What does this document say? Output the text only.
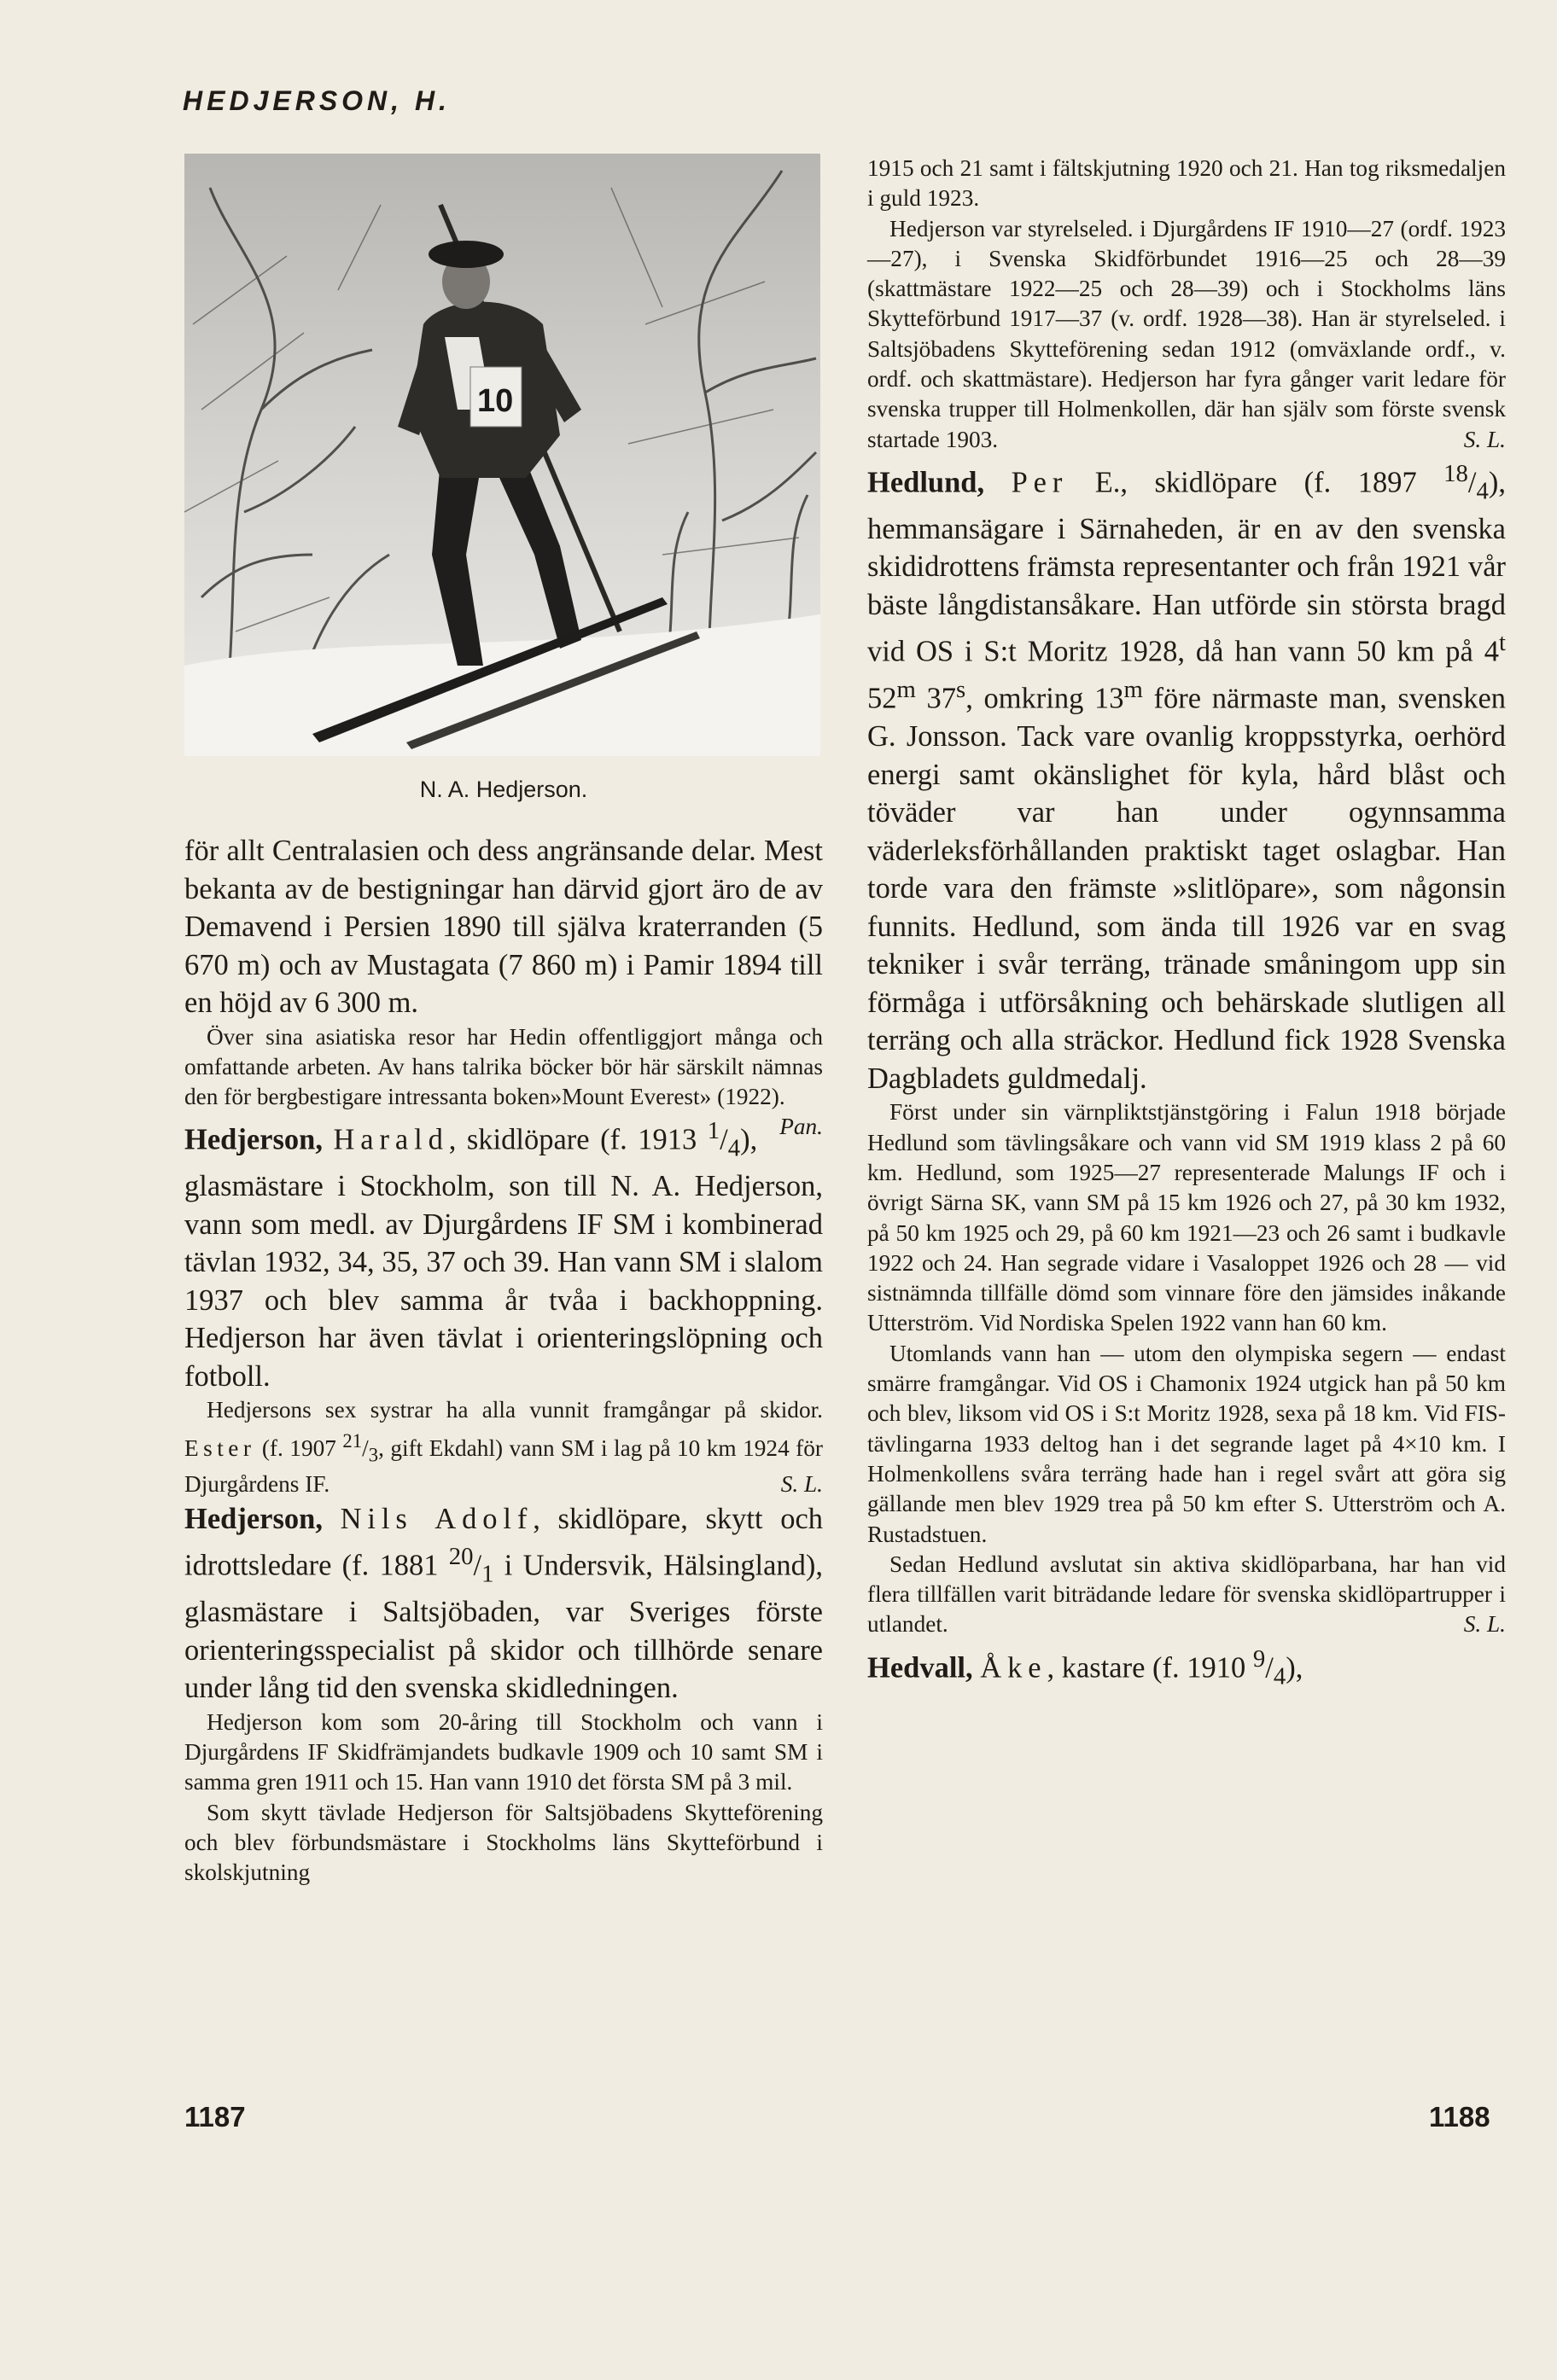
HEDJERSON, H.
10
N. A. Hedjerson.

för allt Centralasien och dess angränsande delar. Mest bekanta av de bestigningar han därvid gjort äro de av Demavend i Persien 1890 till själva kraterranden (5 670 m) och av Mustagata (7 860 m) i Pamir 1894 till en höjd av 6 300 m.

Över sina asiatiska resor har Hedin offentliggjort många och omfattande arbeten. Av hans talrika böcker bör här särskilt nämnas den för bergbestigare intressanta boken»Mount Everest» (1922).
Pan.

Hedjerson, Harald, skidlöpare (f. 1913 $^1/_4$), glasmästare i Stockholm, son till N. A. Hedjerson, vann som medl. av Djurgårdens IF SM i kombinerad tävlan 1932, 34, 35, 37 och 39. Han vann SM i slalom 1937 och blev samma år tvåa i backhoppning. Hedjerson har även tävlat i orienteringslöpning och fotboll.

Hedjersons sex systrar ha alla vunnit framgångar på skidor. Ester (f. 1907 $^{21}/_3$, gift Ekdahl) vann SM i lag på 10 km 1924 för Djurgårdens IF.	S. L.

Hedjerson, Nils Adolf, skidlöpare, skytt och idrottsledare (f. 1881 $^{20}/_1$ i Undersvik, Hälsingland), glasmästare i Saltsjöbaden, var Sveriges förste orienteringsspecialist på skidor och tillhörde senare under lång tid den svenska skidledningen.

Hedjerson kom som 20-åring till Stockholm och vann i Djurgårdens IF Skidfrämjandets budkavle 1909 och 10 samt SM i samma gren 1911 och 15. Han vann 1910 det första SM på 3 mil.

Som skytt tävlade Hedjerson för Saltsjöbadens Skytteförening och blev förbundsmästare i Stockholms läns Skytteförbund i skolskjutning

1915 och 21 samt i fältskjutning 1920 och 21. Han tog riksmedaljen i guld 1923.

Hedjerson var styrelseled. i Djurgårdens IF 1910—27 (ordf. 1923—27), i Svenska Skidförbundet 1916—25 och 28—39 (skattmästare 1922—25 och 28—39) och i Stockholms läns Skytteförbund 1917—37 (v. ordf. 1928—38). Han är styrelseled. i Saltsjöbadens Skytteförening sedan 1912 (omväxlande ordf., v. ordf. och skattmästare). Hedjerson har fyra gånger varit ledare för svenska trupper till Holmenkollen, där han själv som förste svensk startade 1903.	S. L.

Hedlund, Per E., skidlöpare (f. 1897 $^{18}/_4$), hemmansägare i Särnaheden, är en av den svenska skididrottens främsta representanter och från 1921 vår bäste långdistansåkare. Han utförde sin största bragd vid OS i S:t Moritz 1928, då han vann 50 km på 4$^t$ 52$^m$ 37$^s$, omkring 13$^m$ före närmaste man, svensken G. Jonsson. Tack vare ovanlig kroppsstyrka, oerhörd energi samt okänslighet för kyla, hård blåst och töväder var han under ogynnsamma väderleksförhållanden praktiskt taget oslagbar. Han torde vara den främste »slitlöpare», som någonsin funnits. Hedlund, som ända till 1926 var en svag tekniker i svår terräng, tränade småningom upp sin förmåga i utförsåkning och behärskade slutligen all terräng och alla sträckor. Hedlund fick 1928 Svenska Dagbladets guldmedalj.

Först under sin värnpliktstjänstgöring i Falun 1918 började Hedlund som tävlingsåkare och vann vid SM 1919 klass 2 på 60 km. Hedlund, som 1925—27 representerade Malungs IF och i övrigt Särna SK, vann SM på 15 km 1926 och 27, på 30 km 1932, på 50 km 1925 och 29, på 60 km 1921—23 och 26 samt i budkavle 1922 och 24. Han segrade vidare i Vasaloppet 1926 och 28 — vid sistnämnda tillfälle dömd som vinnare före den jämsides inåkande Utterström. Vid Nordiska Spelen 1922 vann han 60 km.

Utomlands vann han — utom den olympiska segern — endast smärre framgångar. Vid OS i Chamonix 1924 utgick han på 50 km och blev, liksom vid OS i S:t Moritz 1928, sexa på 18 km. Vid FIS-tävlingarna 1933 deltog han i det segrande laget på 4×10 km. I Holmenkollens svåra terräng hade han i regel svårt att göra sig gällande men blev 1929 trea på 50 km efter S. Utterström och A. Rustadstuen.

Sedan Hedlund avslutat sin aktiva skidlöparbana, har han vid flera tillfällen varit biträdande ledare för svenska skidlöpartrupper i utlandet.	S. L.

Hedvall, Åke, kastare (f. 1910 $^9/_4$),

1187	1188
